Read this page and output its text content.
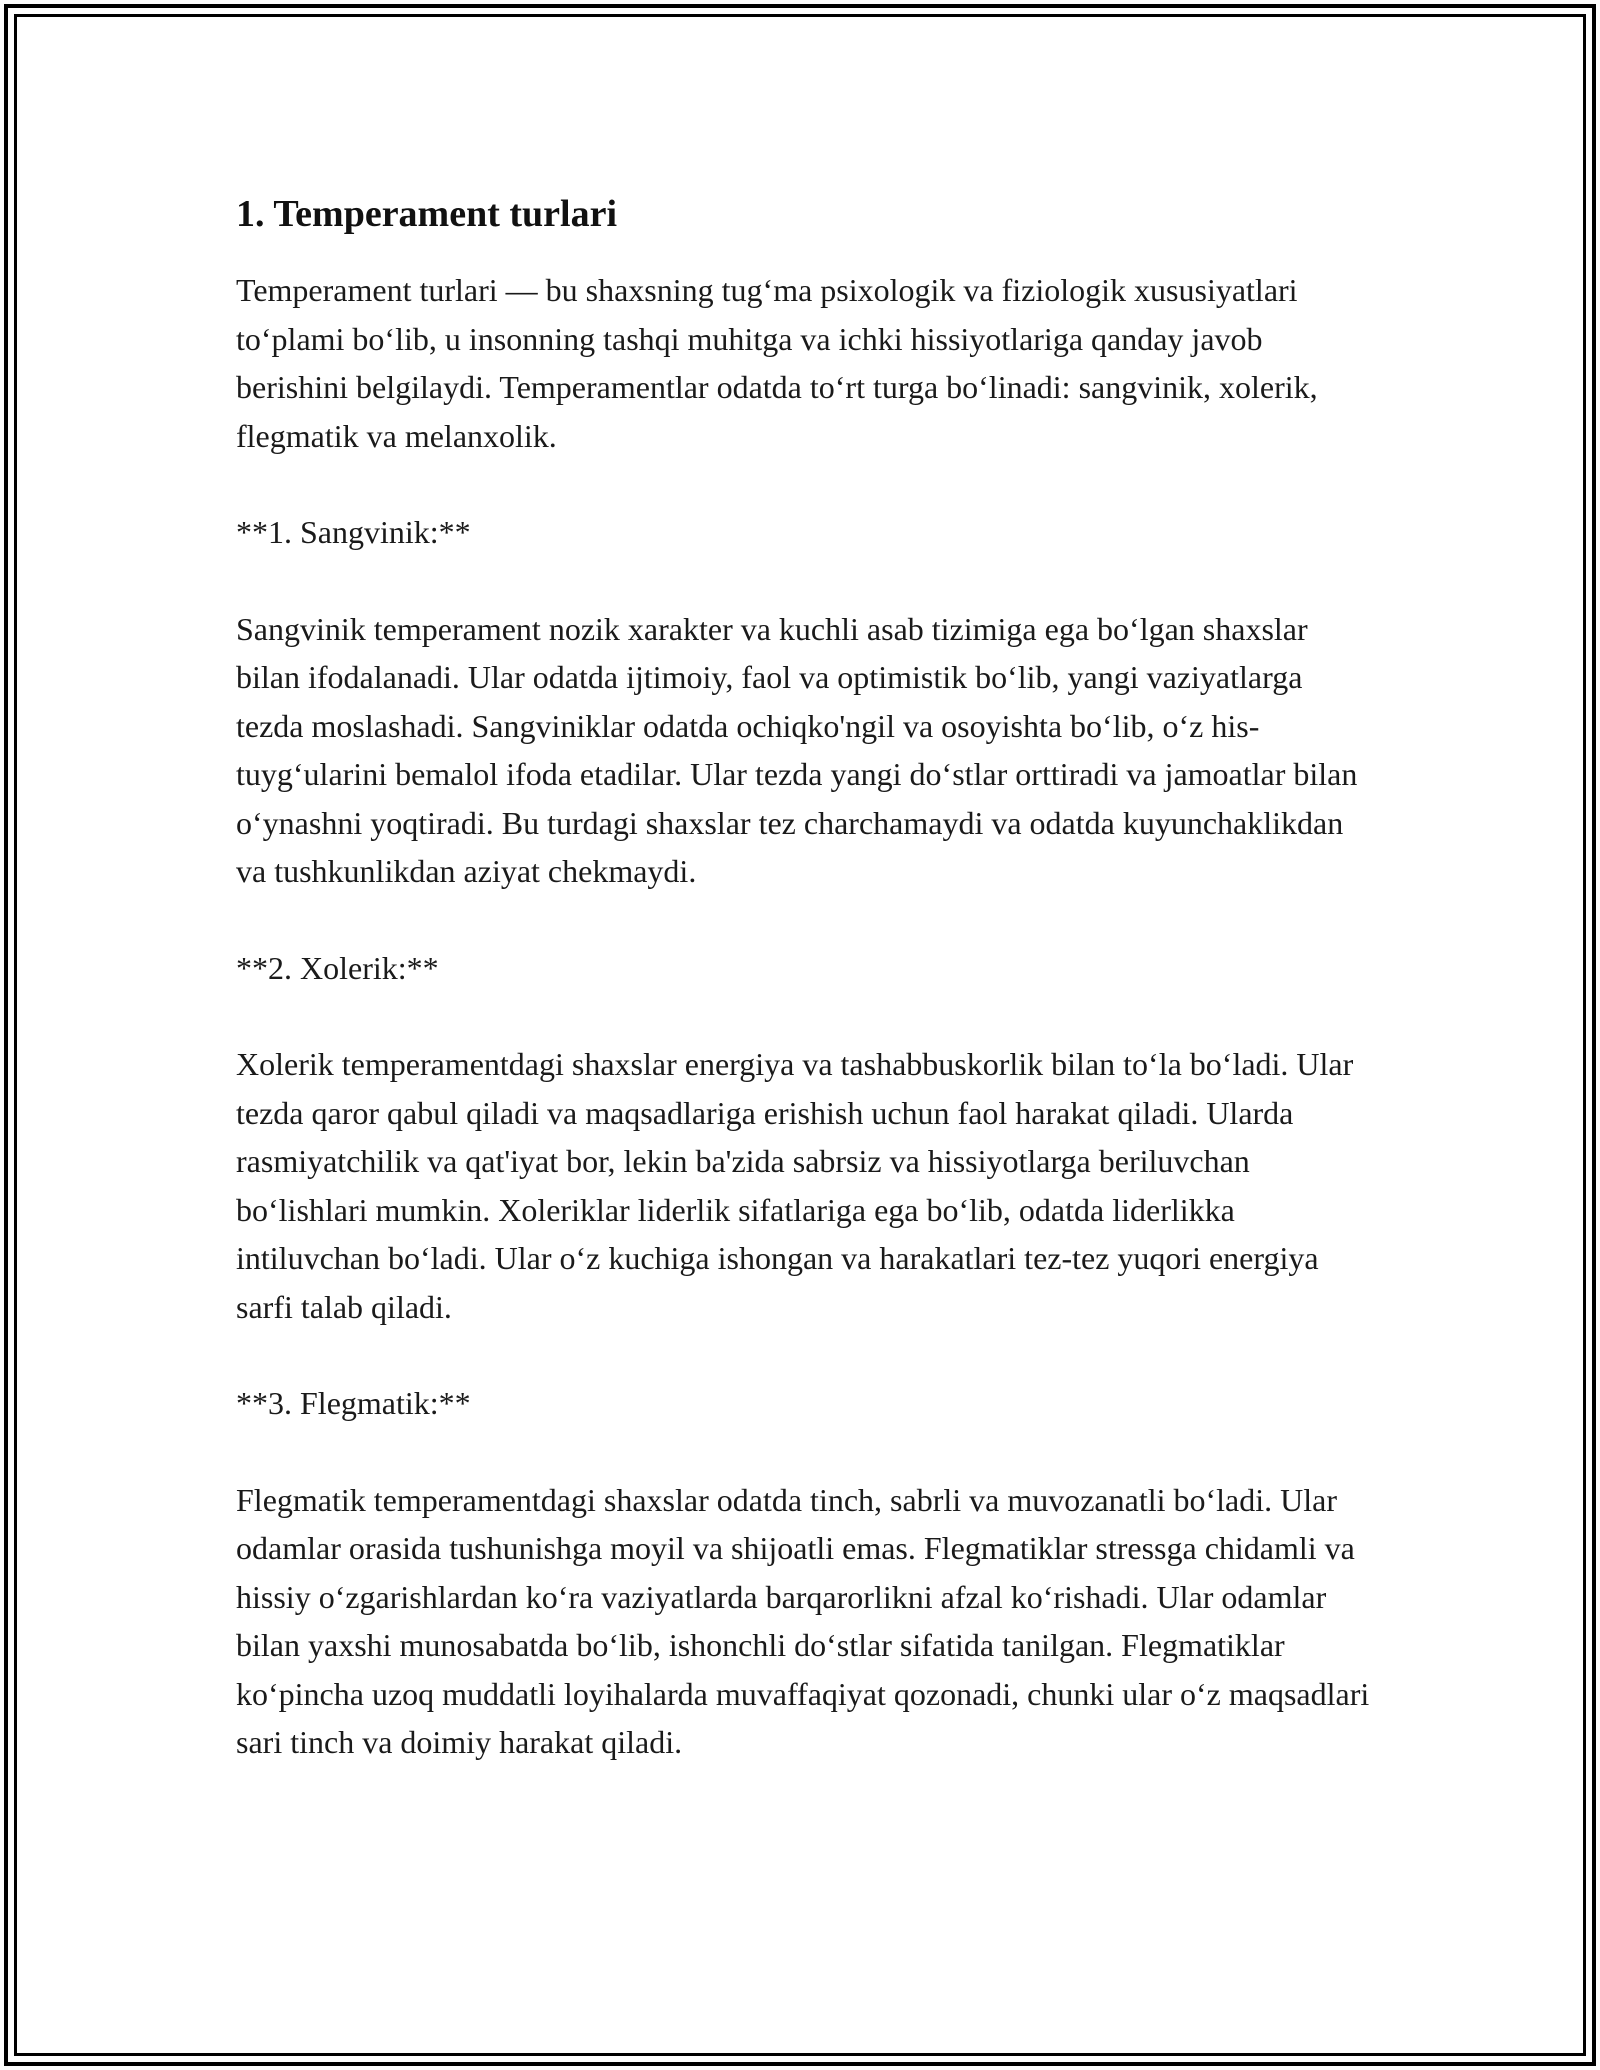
1. Temperament turlari

Temperament turlari — bu shaxsning tug‘ma psixologik va fiziologik xususiyatlari to‘plami bo‘lib, u insonning tashqi muhitga va ichki hissiyotlariga qanday javob berishini belgilaydi. Temperamentlar odatda to‘rt turga bo‘linadi: sangvinik, xolerik, flegmatik va melanxolik.

**1. Sangvinik:**

Sangvinik temperament nozik xarakter va kuchli asab tizimiga ega bo‘lgan shaxslar bilan ifodalanadi. Ular odatda ijtimoiy, faol va optimistik bo‘lib, yangi vaziyatlarga tezda moslashadi. Sangviniklar odatda ochiqko'ngil va osoyishta bo‘lib, o‘z his-tuyg‘ularini bemalol ifoda etadilar. Ular tezda yangi do‘stlar orttiradi va jamoatlar bilan o‘ynashni yoqtiradi. Bu turdagi shaxslar tez charchamaydi va odatda kuyunchaklikdan va tushkunlikdan aziyat chekmaydi.

**2. Xolerik:**

Xolerik temperamentdagi shaxslar energiya va tashabbuskorlik bilan to‘la bo‘ladi. Ular tezda qaror qabul qiladi va maqsadlariga erishish uchun faol harakat qiladi. Ularda rasmiyatchilik va qat'iyat bor, lekin ba'zida sabrsiz va hissiyotlarga beriluvchan bo‘lishlari mumkin. Xoleriklar liderlik sifatlariga ega bo‘lib, odatda liderlikka intiluvchan bo‘ladi. Ular o‘z kuchiga ishongan va harakatlari tez-tez yuqori energiya sarfi talab qiladi.

**3. Flegmatik:**

Flegmatik temperamentdagi shaxslar odatda tinch, sabrli va muvozanatli bo‘ladi. Ular odamlar orasida tushunishga moyil va shijoatli emas. Flegmatiklar stressga chidamli va hissiy o‘zgarishlardan ko‘ra vaziyatlarda barqarorlikni afzal ko‘rishadi. Ular odamlar bilan yaxshi munosabatda bo‘lib, ishonchli do‘stlar sifatida tanilgan. Flegmatiklar ko‘pincha uzoq muddatli loyihalarda muvaffaqiyat qozonadi, chunki ular o‘z maqsadlari sari tinch va doimiy harakat qiladi.
